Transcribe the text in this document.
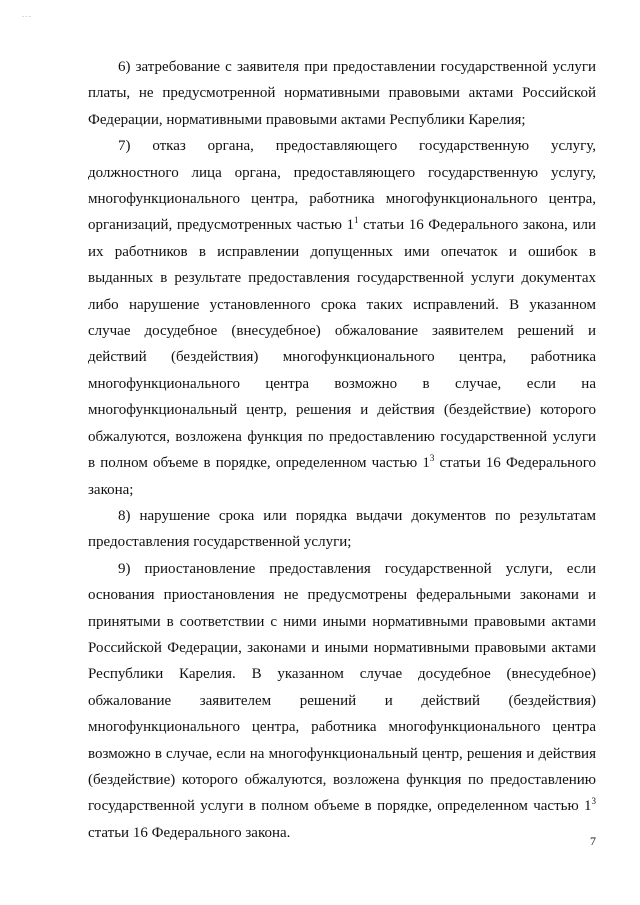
- - -

6) затребование с заявителя при предоставлении государственной услуги платы, не предусмотренной нормативными правовыми актами Российской Федерации, нормативными правовыми актами Республики Карелия;

7) отказ органа, предоставляющего государственную услугу, должностного лица органа, предоставляющего государственную услугу, многофункционального центра, работника многофункционального центра, организаций, предусмотренных частью $1^1$ статьи 16 Федерального закона, или их работников в исправлении допущенных ими опечаток и ошибок в выданных в результате предоставления государственной услуги документах либо нарушение установленного срока таких исправлений. В указанном случае досудебное (внесудебное) обжалование заявителем решений и действий (бездействия) многофункционального центра, работника многофункционального центра возможно в случае, если на многофункциональный центр, решения и действия (бездействие) которого обжалуются, возложена функция по предоставлению государственной услуги в полном объеме в порядке, определенном частью $1^3$ статьи 16 Федерального закона;

8) нарушение срока или порядка выдачи документов по результатам предоставления государственной услуги;

9) приостановление предоставления государственной услуги, если основания приостановления не предусмотрены федеральными законами и принятыми в соответствии с ними иными нормативными правовыми актами Российской Федерации, законами и иными нормативными правовыми актами Республики Карелия. В указанном случае досудебное (внесудебное) обжалование заявителем решений и действий (бездействия) многофункционального центра, работника многофункционального центра возможно в случае, если на многофункциональный центр, решения и действия (бездействие) которого обжалуются, возложена функция по предоставлению государственной услуги в полном объеме в порядке, определенном частью $1^3$ статьи 16 Федерального закона.

7
